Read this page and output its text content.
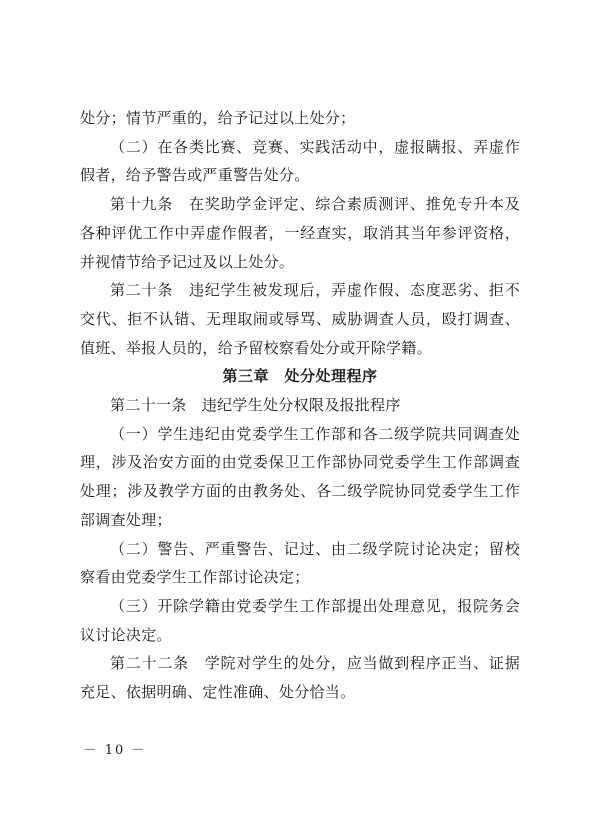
处分；情节严重的，给予记过以上处分；

（二）在各类比赛、竞赛、实践活动中，虚报瞒报、弄虚作假者，给予警告或严重警告处分。

第十九条　在奖助学金评定、综合素质测评、推免专升本及各种评优工作中弄虚作假者，一经查实，取消其当年参评资格，并视情节给予记过及以上处分。

第二十条　违纪学生被发现后，弄虚作假、态度恶劣、拒不交代、拒不认错、无理取闹或辱骂、威胁调查人员，殴打调查、值班、举报人员的，给予留校察看处分或开除学籍。

第三章　处分处理程序

第二十一条　违纪学生处分权限及报批程序

（一）学生违纪由党委学生工作部和各二级学院共同调查处理，涉及治安方面的由党委保卫工作部协同党委学生工作部调查处理；涉及教学方面的由教务处、各二级学院协同党委学生工作部调查处理；

（二）警告、严重警告、记过、由二级学院讨论决定；留校察看由党委学生工作部讨论决定；

（三）开除学籍由党委学生工作部提出处理意见，报院务会议讨论决定。

第二十二条　学院对学生的处分，应当做到程序正当、证据充足、依据明确、定性准确、处分恰当。

－ 10 －
